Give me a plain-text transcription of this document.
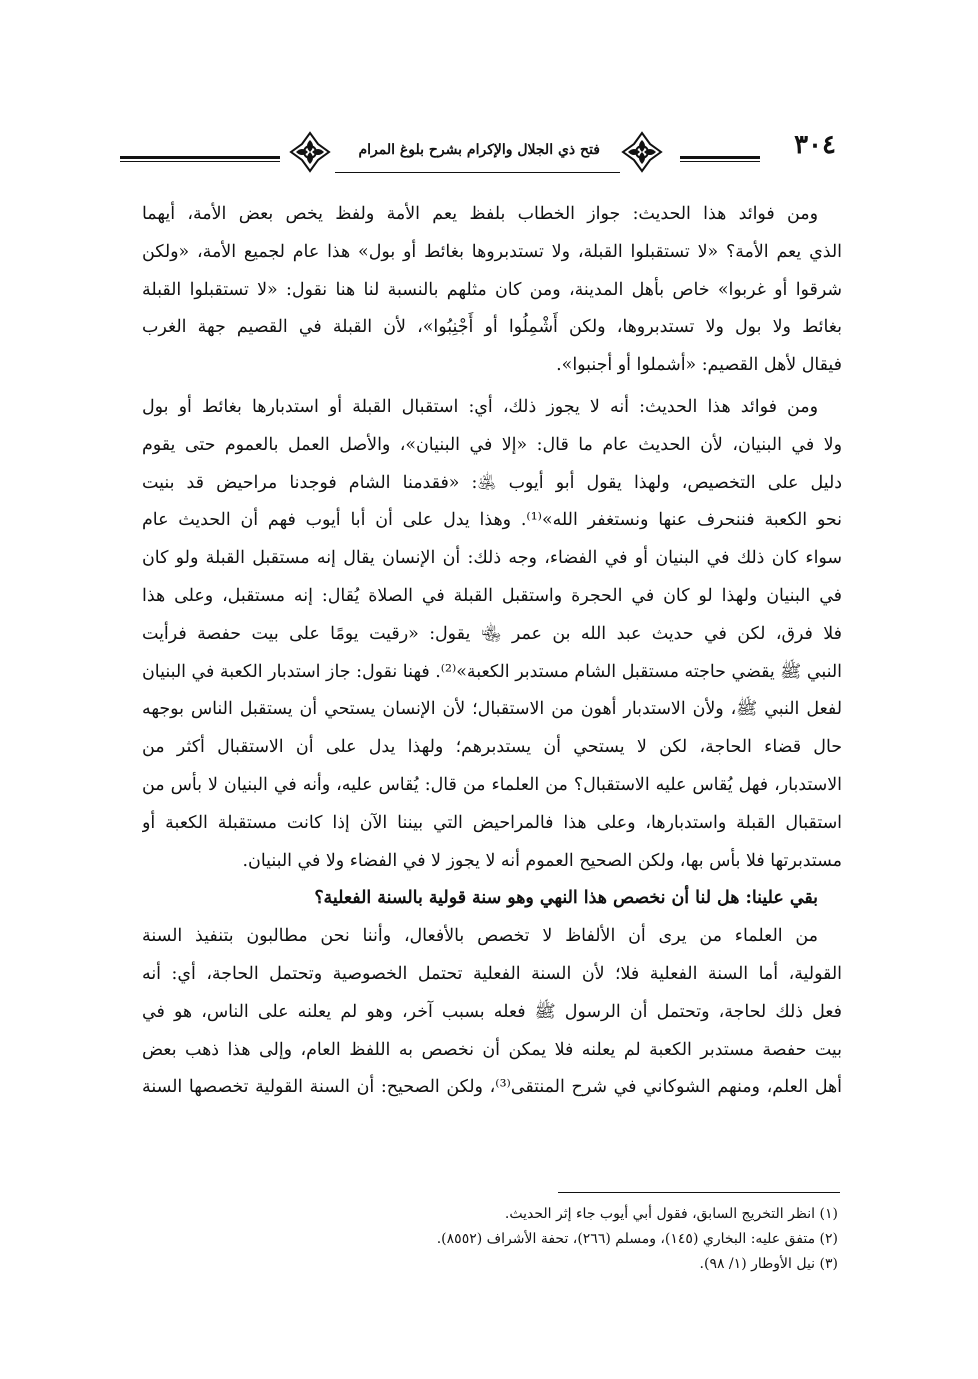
٣٠٤
فتح ذي الجلال والإكرام بشرح بلوغ المرام
ومن فوائد هذا الحديث: جواز الخطاب بلفظ يعم الأمة ولفظ يخص بعض الأمة، أيهما
الذي يعم الأمة؟ «لا تستقبلوا القبلة، ولا تستدبروها بغائط أو بول» هذا عام لجميع الأمة، «ولكن
شرقوا أو غربوا» خاص بأهل المدينة، ومن كان مثلهم بالنسبة لنا هنا نقول: «لا تستقبلوا القبلة
بغائط ولا بول ولا تستدبروها، ولكن أَشْمِلُوا أو أَجْنِبُوا»، لأن القبلة في القصيم جهة الغرب
فيقال لأهل القصيم: «أشملوا أو أجنبوا».
ومن فوائد هذا الحديث: أنه لا يجوز ذلك، أي: استقبال القبلة أو استدبارها بغائط أو بول
ولا في البنيان، لأن الحديث عام ما قال: «إلا في البنيان»، والأصل العمل بالعموم حتى يقوم
دليل على التخصيص، ولهذا يقول أبو أيوب ﵁: «فقدمنا الشام فوجدنا مراحيض قد بنيت
نحو الكعبة فننحرف عنها ونستغفر الله»⁽¹⁾. وهذا يدل على أن أبا أيوب فهم أن الحديث عام
سواء كان ذلك في البنيان أو في الفضاء، وجه ذلك: أن الإنسان يقال إنه مستقبل القبلة ولو كان
في البنيان ولهذا لو كان في الحجرة واستقبل القبلة في الصلاة يُقال: إنه مستقبل، وعلى هذا
فلا فرق، لكن في حديث عبد الله بن عمر ﵄ يقول: «رقيت يومًا على بيت حفصة فرأيت
النبي ﷺ يقضي حاجته مستقبل الشام مستدبر الكعبة»⁽²⁾. فهنا نقول: جاز استدبار الكعبة في البنيان
لفعل النبي ﷺ، ولأن الاستدبار أهون من الاستقبال؛ لأن الإنسان يستحي أن يستقبل الناس بوجهه
حال قضاء الحاجة، لكن لا يستحي أن يستدبرهم؛ ولهذا يدل على أن الاستقبال أكثر من
الاستدبار، فهل يُقاس عليه الاستقبال؟ من العلماء من قال: يُقاس عليه، وأنه في البنيان لا بأس من
استقبال القبلة واستدبارها، وعلى هذا فالمراحيض التي بيننا الآن إذا كانت مستقبلة الكعبة أو
مستدبرتها فلا بأس بها، ولكن الصحيح العموم أنه لا يجوز لا في الفضاء ولا في البنيان.
بقي علينا: هل لنا أن نخصص هذا النهي وهو سنة قولية بالسنة الفعلية؟
من العلماء من يرى أن الألفاظ لا تخصص بالأفعال، وأننا نحن مطالبون بتنفيذ السنة
القولية، أما السنة الفعلية فلا؛ لأن السنة الفعلية تحتمل الخصوصية وتحتمل الحاجة، أي: أنه
فعل ذلك لحاجة، وتحتمل أن الرسول ﷺ فعله بسبب آخر، وهو لم يعلنه على الناس، هو في
بيت حفصة مستدبر الكعبة لم يعلنه فلا يمكن أن نخصص به اللفظ العام، وإلى هذا ذهب بعض
أهل العلم، ومنهم الشوكاني في شرح المنتقى⁽³⁾، ولكن الصحيح: أن السنة القولية تخصصها السنة
(١) انظر التخريج السابق، فقول أبي أيوب جاء إثر الحديث.
(٢) متفق عليه: البخاري (١٤٥)، ومسلم (٢٦٦)، تحفة الأشراف (٨٥٥٢).
(٣) نيل الأوطار (١/ ٩٨).
